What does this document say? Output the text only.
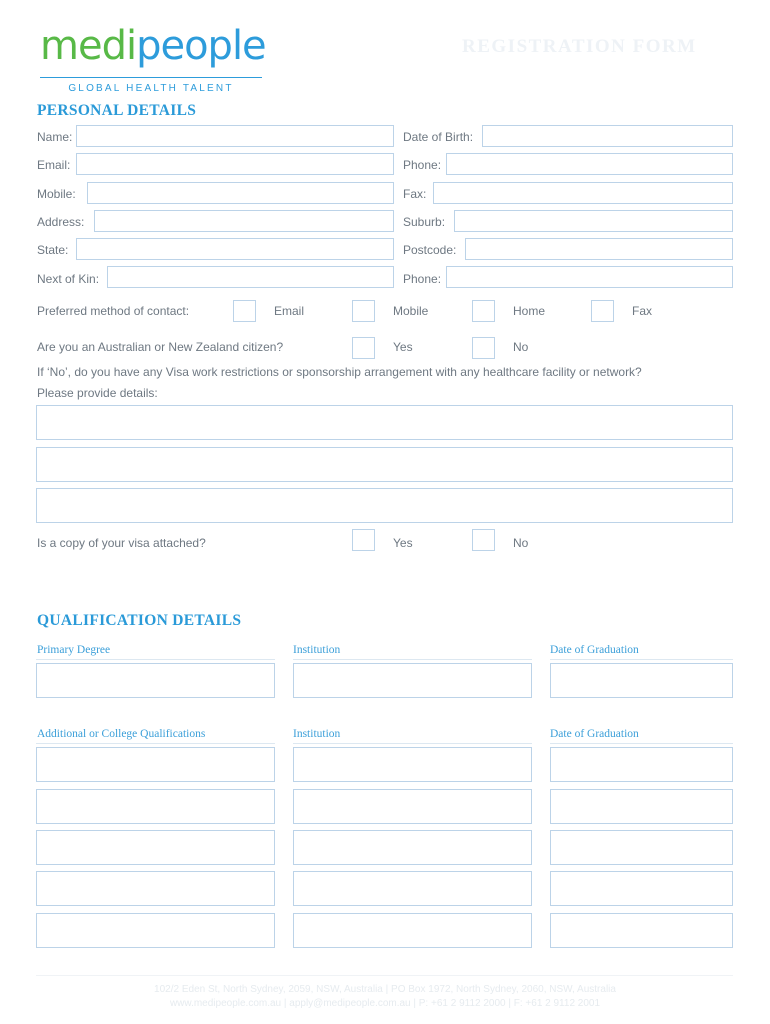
medipeople
GLOBAL HEALTH TALENT
REGISTRATION FORM
PERSONAL DETAILS
Name:	Date of Birth:
Email:	Phone:
Mobile:	Fax:
Address:	Suburb:
State:	Postcode:
Next of Kin:	Phone:
Preferred method of contact:	Email	Mobile	Home	Fax
Are you an Australian or New Zealand citizen?	Yes	No
If ‘No’, do you have any Visa work restrictions or sponsorship arrangement with any healthcare facility or network?
Please provide details:
Is a copy of your visa attached?	Yes	No
QUALIFICATION DETAILS
Primary Degree	Institution	Date of Graduation
Additional or College Qualifications	Institution	Date of Graduation
102/2 Eden St, North Sydney, 2059, NSW, Australia | PO Box 1972, North Sydney, 2060, NSW, Australia
www.medipeople.com.au | apply@medipeople.com.au | P: +61 2 9112 2000 | F: +61 2 9112 2001
